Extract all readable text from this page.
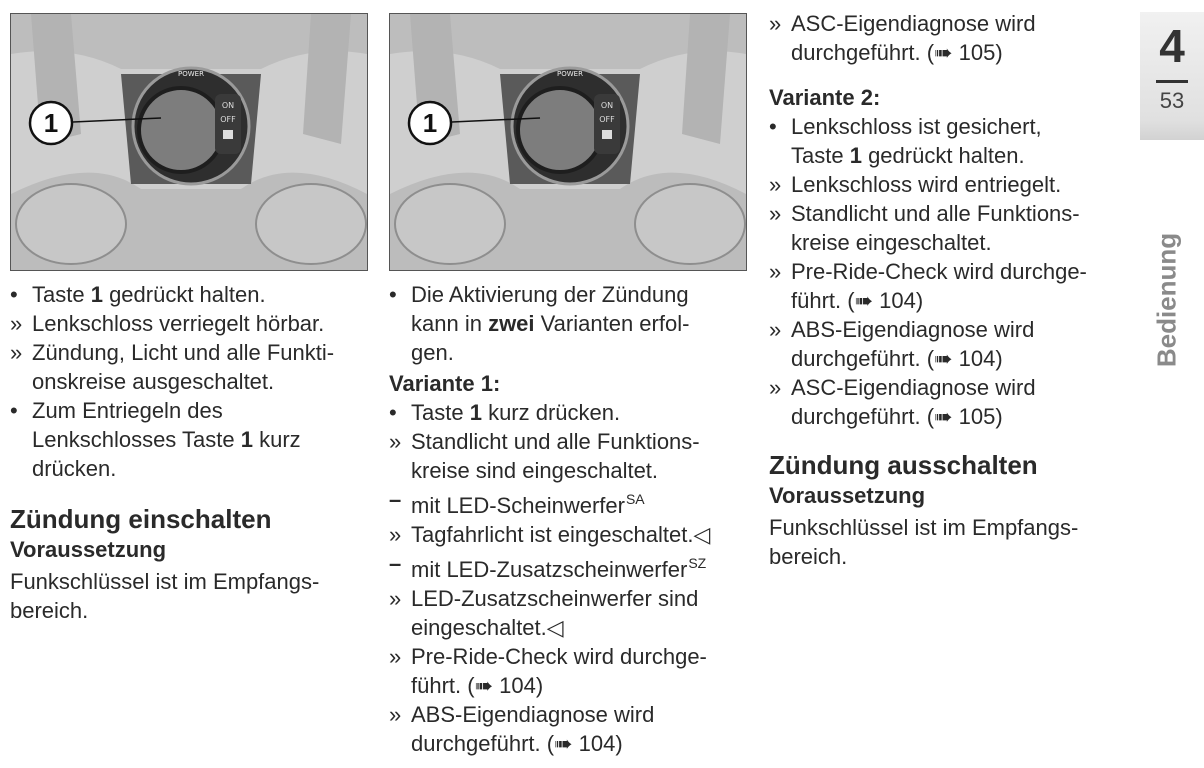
ON
OFF
POWER
1
•
Taste 1 gedrückt halten.
»
Lenkschloss verriegelt hörbar.
»
Zündung, Licht und alle Funkti-
onskreise ausgeschaltet.
•
Zum Entriegeln des
Lenkschlosses Taste 1 kurz
drücken.
Zündung einschalten
Voraussetzung

Funkschlüssel ist im Empfangs-
bereich.

ON
OFF
POWER
1
•
Die Aktivierung der Zündung
kann in zwei Varianten erfol-
gen.
Variante 1:
•
Taste 1 kurz drücken.
»
Standlicht und alle Funktions-
kreise sind eingeschaltet.
–
mit LED-Scheinwerfer$^{SA}$
»
Tagfahrlicht ist eingeschaltet.◁
–
mit LED-Zusatzscheinwerfer$^{SZ}$
»
LED-Zusatzscheinwerfer sind
eingeschaltet.◁
»
Pre-Ride-Check wird durchge-
führt. (➠ 104)
»
ABS-Eigendiagnose wird
durchgeführt. (➠ 104)
»
ASC-Eigendiagnose wird
durchgeführt. (➠ 105)
Variante 2:
•
Lenkschloss ist gesichert,
Taste 1 gedrückt halten.
»
Lenkschloss wird entriegelt.
»
Standlicht und alle Funktions-
kreise eingeschaltet.
»
Pre-Ride-Check wird durchge-
führt. (➠ 104)
»
ABS-Eigendiagnose wird
durchgeführt. (➠ 104)
»
ASC-Eigendiagnose wird
durchgeführt. (➠ 105)
Zündung ausschalten
Voraussetzung

Funkschlüssel ist im Empfangs-
bereich.

4
53
Bedienung
